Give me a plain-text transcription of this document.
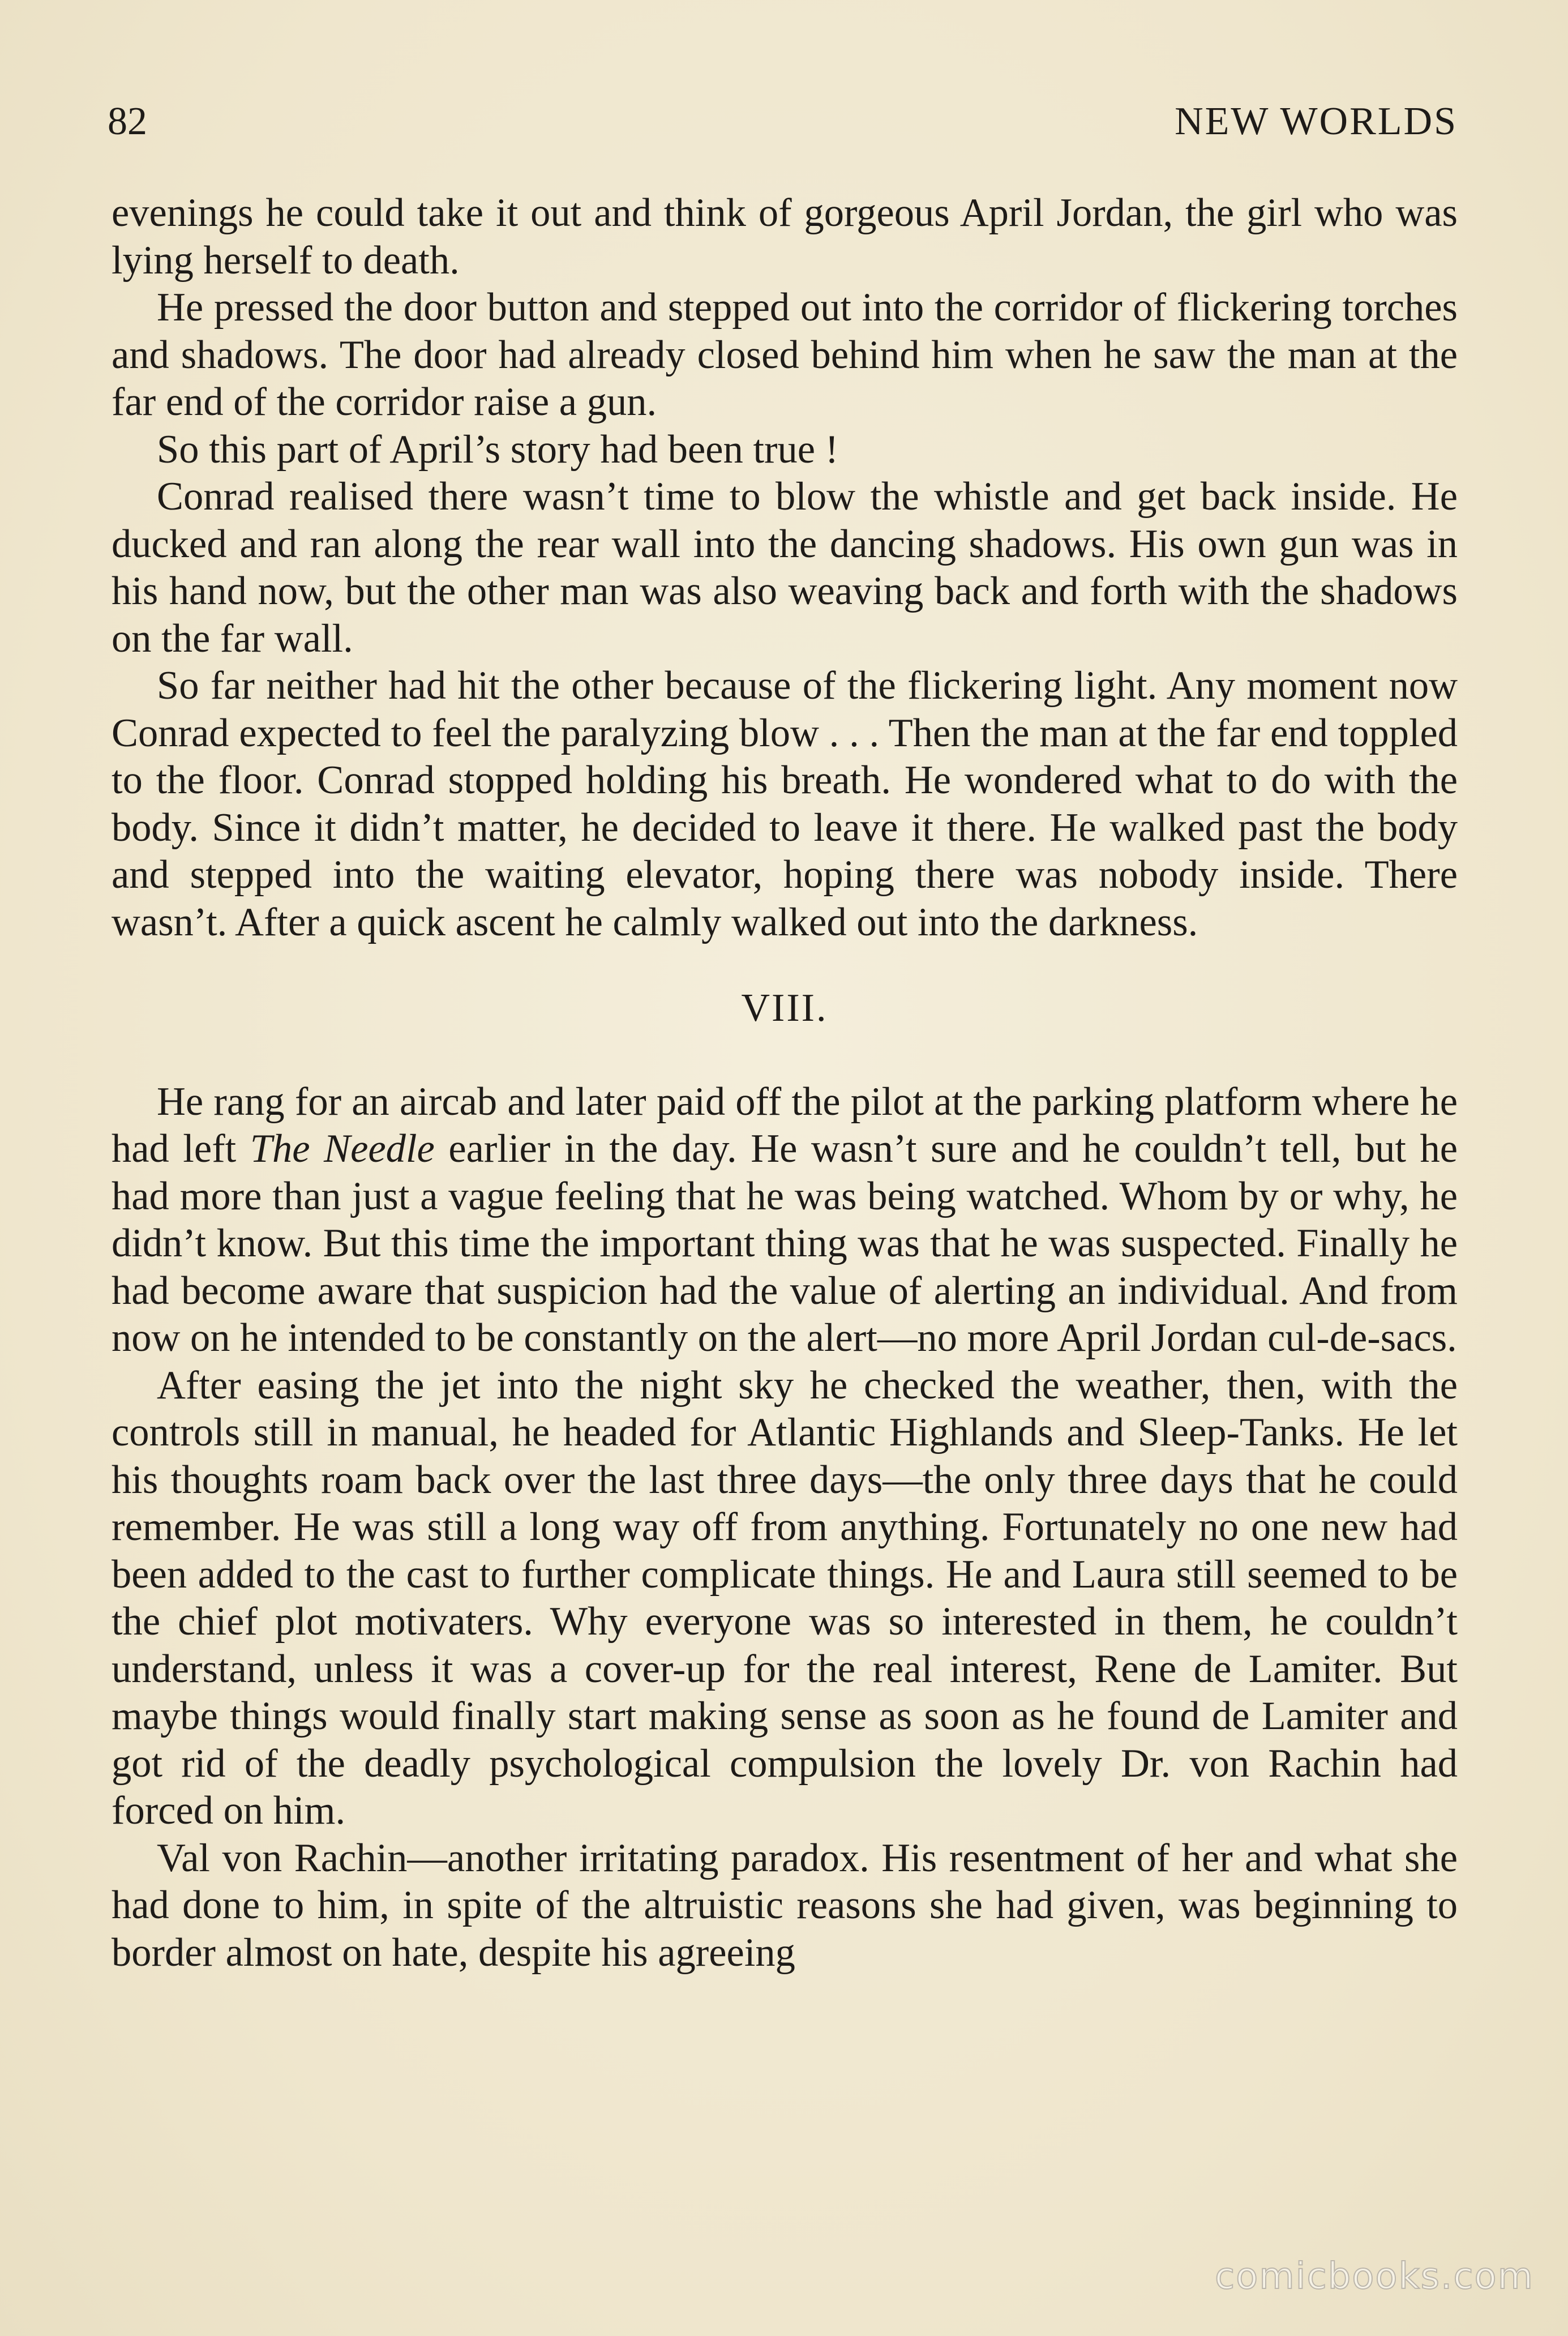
82	NEW WORLDS

evenings he could take it out and think of gorgeous April Jordan, the girl who was lying herself to death.

He pressed the door button and stepped out into the corridor of flickering torches and shadows. The door had already closed behind him when he saw the man at the far end of the corridor raise a gun.

So this part of April’s story had been true !

Conrad realised there wasn’t time to blow the whistle and get back inside. He ducked and ran along the rear wall into the dancing shadows. His own gun was in his hand now, but the other man was also weaving back and forth with the shadows on the far wall.

So far neither had hit the other because of the flickering light. Any moment now Conrad expected to feel the paralyzing blow . . . Then the man at the far end toppled to the floor. Conrad stopped holding his breath. He wondered what to do with the body. Since it didn’t matter, he decided to leave it there. He walked past the body and stepped into the waiting elevator, hoping there was nobody inside. There wasn’t. After a quick ascent he calmly walked out into the darkness.

VIII.

He rang for an aircab and later paid off the pilot at the parking platform where he had left The Needle earlier in the day. He wasn’t sure and he couldn’t tell, but he had more than just a vague feeling that he was being watched. Whom by or why, he didn’t know. But this time the important thing was that he was suspected. Finally he had become aware that suspicion had the value of alerting an individual. And from now on he intended to be constantly on the alert—no more April Jordan cul-de-sacs.

After easing the jet into the night sky he checked the weather, then, with the controls still in manual, he headed for Atlantic Highlands and Sleep-Tanks. He let his thoughts roam back over the last three days—the only three days that he could remember. He was still a long way off from anything. Fortunately no one new had been added to the cast to further complicate things. He and Laura still seemed to be the chief plot motivaters. Why everyone was so interested in them, he couldn’t understand, unless it was a cover-up for the real interest, Rene de Lamiter. But maybe things would finally start making sense as soon as he found de Lamiter and got rid of the deadly psychological compulsion the lovely Dr. von Rachin had forced on him.

Val von Rachin—another irritating paradox. His resentment of her and what she had done to him, in spite of the altruistic reasons she had given, was beginning to border almost on hate, despite his agreeing

comicbooks.com
